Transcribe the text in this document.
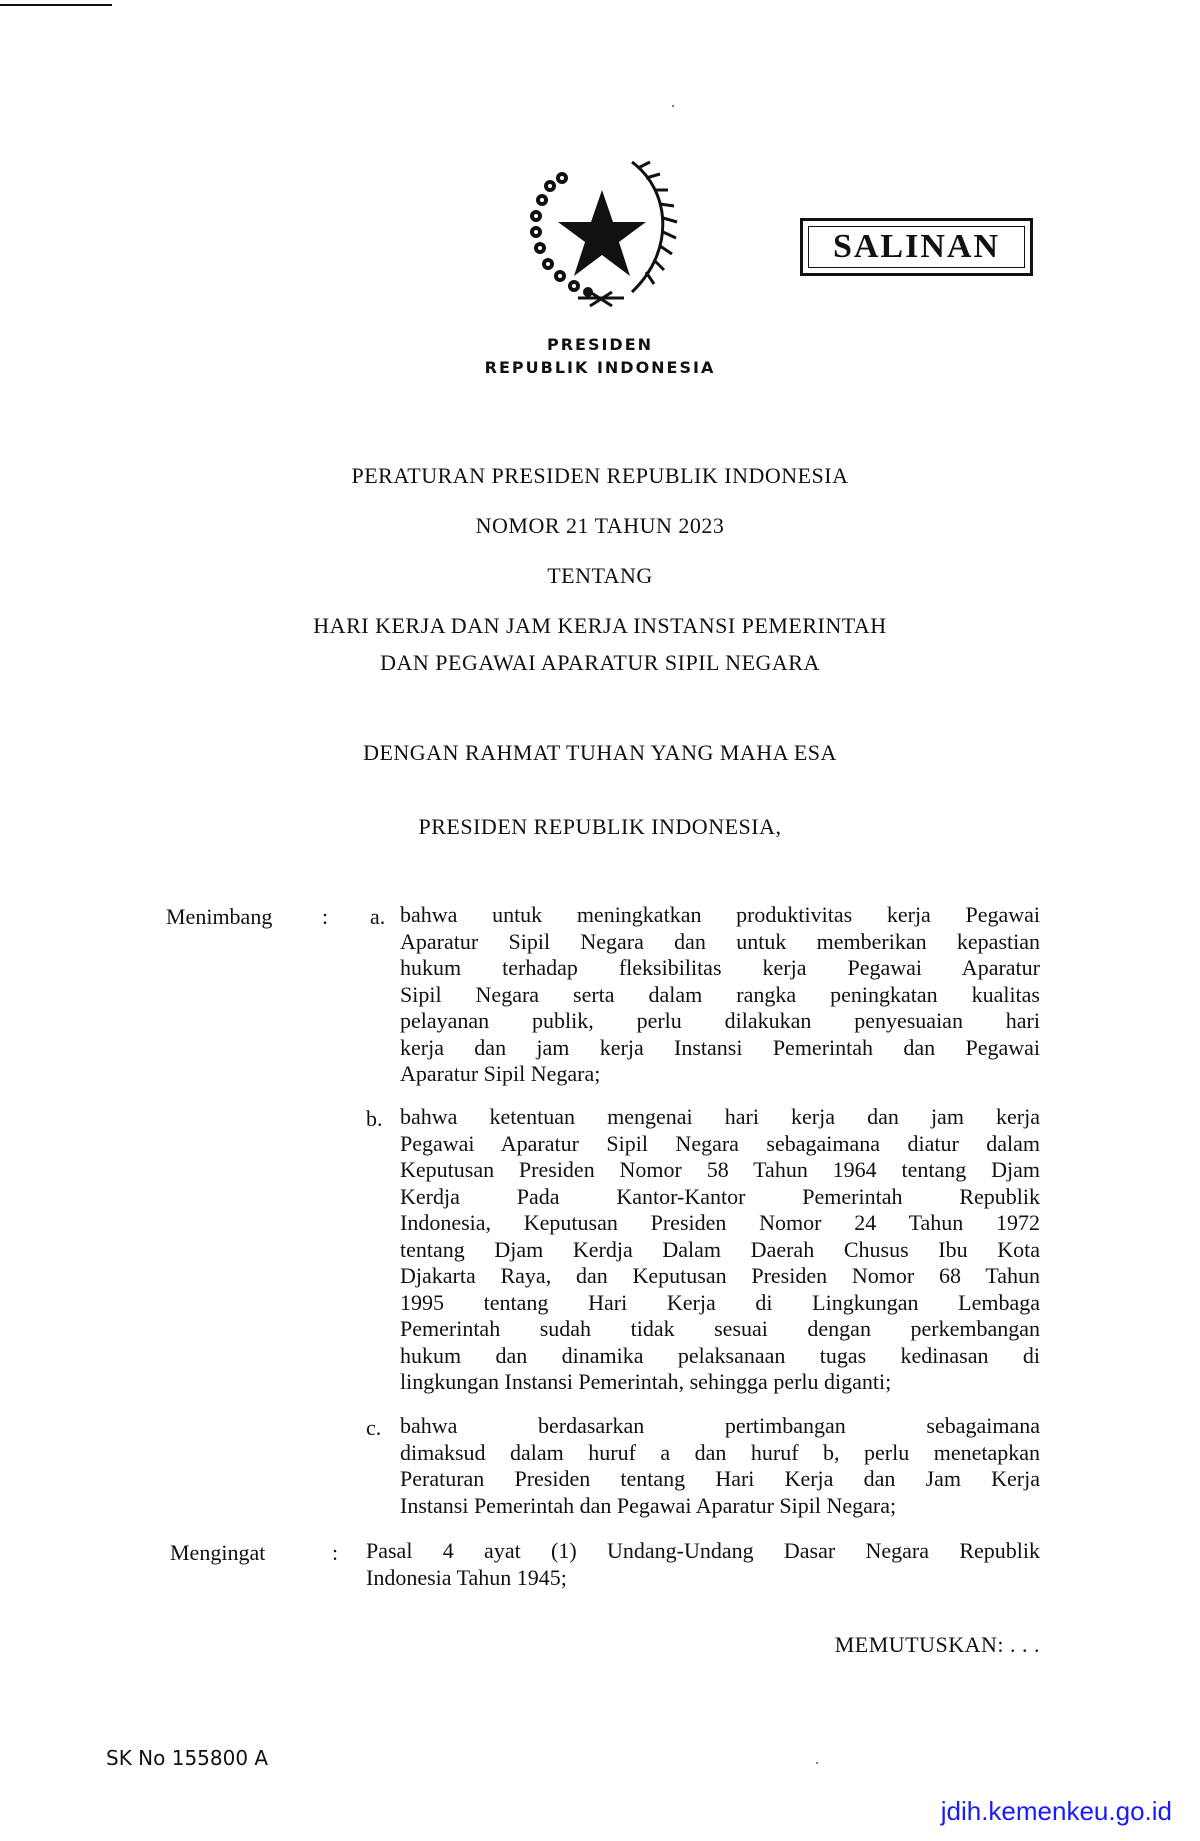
SALINAN
PRESIDEN
REPUBLIK INDONESIA
PERATURAN PRESIDEN REPUBLIK INDONESIA
NOMOR 21 TAHUN 2023
TENTANG
HARI KERJA DAN JAM KERJA INSTANSI PEMERINTAH
DAN PEGAWAI APARATUR SIPIL NEGARA
DENGAN RAHMAT TUHAN YANG MAHA ESA
PRESIDEN REPUBLIK INDONESIA,
Menimbang : a. bahwa untuk meningkatkan produktivitas kerja Pegawai
Aparatur Sipil Negara dan untuk memberikan kepastian
hukum terhadap fleksibilitas kerja Pegawai Aparatur
Sipil Negara serta dalam rangka peningkatan kualitas
pelayanan publik, perlu dilakukan penyesuaian hari
kerja dan jam kerja Instansi Pemerintah dan Pegawai
Aparatur Sipil Negara;
b. bahwa ketentuan mengenai hari kerja dan jam kerja
Pegawai Aparatur Sipil Negara sebagaimana diatur dalam
Keputusan Presiden Nomor 58 Tahun 1964 tentang Djam
Kerdja Pada Kantor-Kantor Pemerintah Republik
Indonesia, Keputusan Presiden Nomor 24 Tahun 1972
tentang Djam Kerdja Dalam Daerah Chusus Ibu Kota
Djakarta Raya, dan Keputusan Presiden Nomor 68 Tahun
1995 tentang Hari Kerja di Lingkungan Lembaga
Pemerintah sudah tidak sesuai dengan perkembangan
hukum dan dinamika pelaksanaan tugas kedinasan di
lingkungan Instansi Pemerintah, sehingga perlu diganti;
c. bahwa berdasarkan pertimbangan sebagaimana
dimaksud dalam huruf a dan huruf b, perlu menetapkan
Peraturan Presiden tentang Hari Kerja dan Jam Kerja
Instansi Pemerintah dan Pegawai Aparatur Sipil Negara;
Mengingat	: Pasal 4 ayat (1) Undang-Undang Dasar Negara Republik
Indonesia Tahun 1945;
MEMUTUSKAN: . . .
SK No 155800 A
jdih.kemenkeu.go.id
